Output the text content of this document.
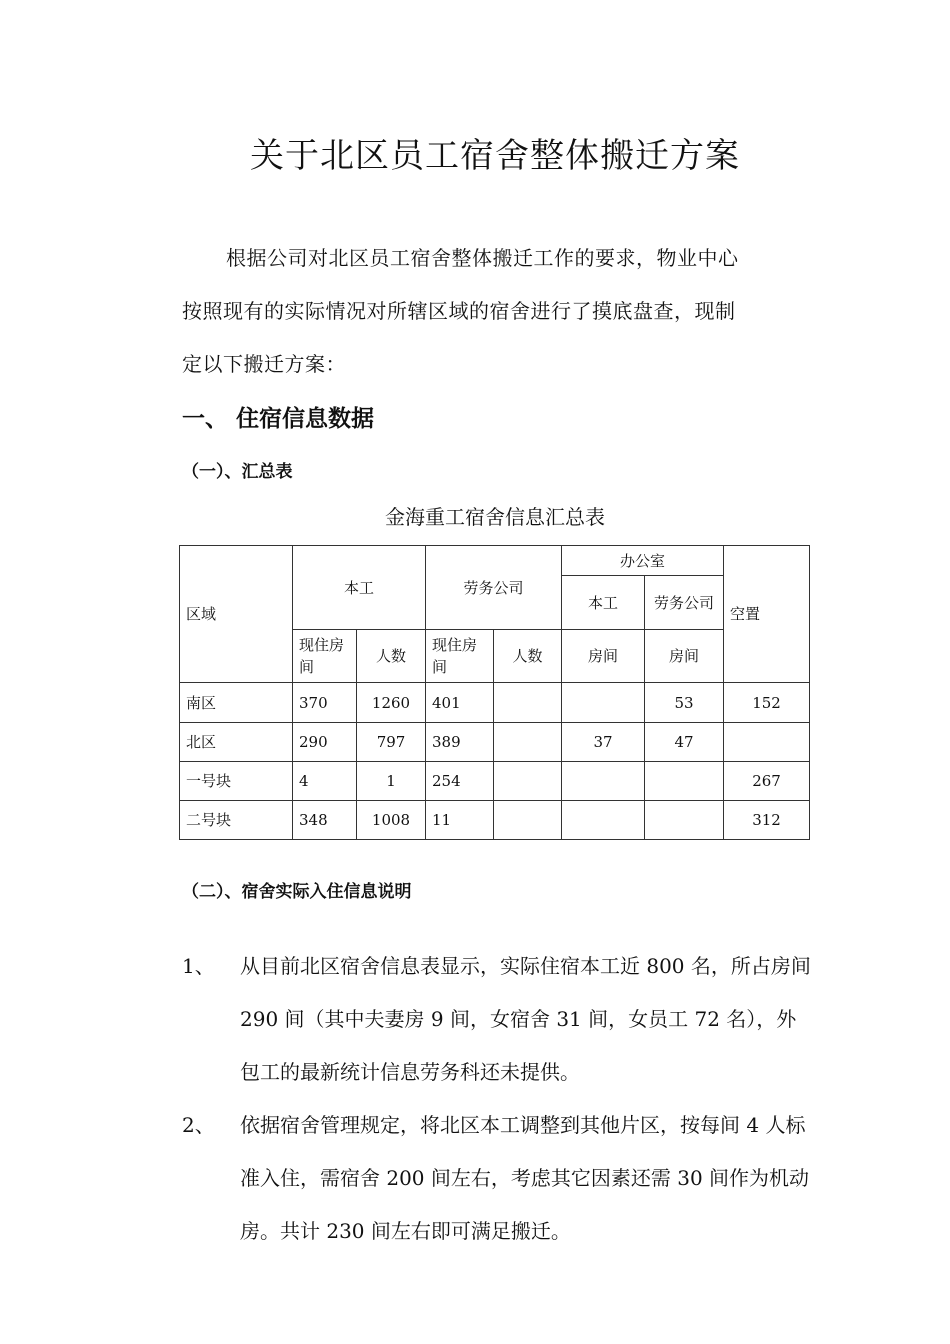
关于北区员工宿舍整体搬迁方案
根据公司对北区员工宿舍整体搬迁工作的要求，物业中心
按照现有的实际情况对所辖区域的宿舍进行了摸底盘查，现制
定以下搬迁方案：
一、 住宿信息数据
（一）、汇总表
金海重工宿舍信息汇总表
区域	本工		劳务公司		办公室		空置
					本工	劳务公司	
	现住房间	人数	现住房间	人数	房间	房间	
南区	370	1260	401			53	152
北区	290	797	389		37	47	
一号块	4	1	254				267
二号块	348	1008	11				312
（二）、宿舍实际入住信息说明
1、 从目前北区宿舍信息表显示，实际住宿本工近 800 名，所占房间 290 间（其中夫妻房 9 间，女宿舍 31 间，女员工 72 名），外包工的最新统计信息劳务科还未提供。
2、 依据宿舍管理规定，将北区本工调整到其他片区，按每间 4 人标准入住，需宿舍 200 间左右，考虑其它因素还需 30 间作为机动房。共计 230 间左右即可满足搬迁。
